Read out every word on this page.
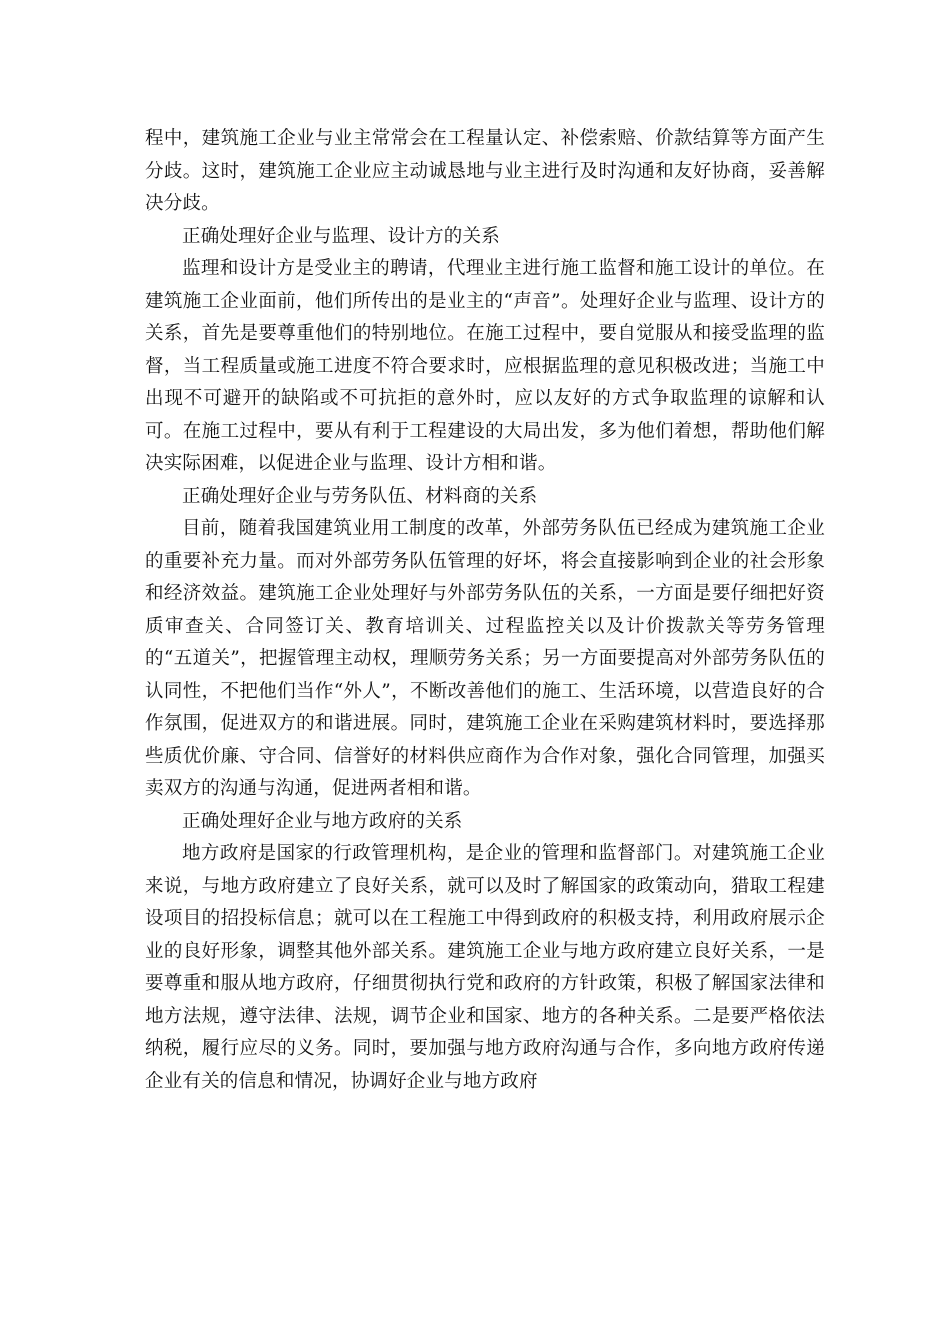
程中，建筑施工企业与业主常常会在工程量认定、补偿索赔、价款结算等方面产生分歧。这时，建筑施工企业应主动诚恳地与业主进行及时沟通和友好协商，妥善解决分歧。

正确处理好企业与监理、设计方的关系

监理和设计方是受业主的聘请，代理业主进行施工监督和施工设计的单位。在建筑施工企业面前，他们所传出的是业主的“声音”。处理好企业与监理、设计方的关系，首先是要尊重他们的特别地位。在施工过程中，要自觉服从和接受监理的监督，当工程质量或施工进度不符合要求时，应根据监理的意见积极改进；当施工中出现不可避开的缺陷或不可抗拒的意外时，应以友好的方式争取监理的谅解和认可。在施工过程中，要从有利于工程建设的大局出发，多为他们着想，帮助他们解决实际困难，以促进企业与监理、设计方相和谐。

正确处理好企业与劳务队伍、材料商的关系

目前，随着我国建筑业用工制度的改革，外部劳务队伍已经成为建筑施工企业的重要补充力量。而对外部劳务队伍管理的好坏，将会直接影响到企业的社会形象和经济效益。建筑施工企业处理好与外部劳务队伍的关系，一方面是要仔细把好资质审查关、合同签订关、教育培训关、过程监控关以及计价拨款关等劳务管理的“五道关”，把握管理主动权，理顺劳务关系；另一方面要提高对外部劳务队伍的认同性，不把他们当作“外人”，不断改善他们的施工、生活环境，以营造良好的合作氛围，促进双方的和谐进展。同时，建筑施工企业在采购建筑材料时，要选择那些质优价廉、守合同、信誉好的材料供应商作为合作对象，强化合同管理，加强买卖双方的沟通与沟通，促进两者相和谐。

正确处理好企业与地方政府的关系

地方政府是国家的行政管理机构，是企业的管理和监督部门。对建筑施工企业来说，与地方政府建立了良好关系，就可以及时了解国家的政策动向，猎取工程建设项目的招投标信息；就可以在工程施工中得到政府的积极支持，利用政府展示企业的良好形象，调整其他外部关系。建筑施工企业与地方政府建立良好关系，一是要尊重和服从地方政府，仔细贯彻执行党和政府的方针政策，积极了解国家法律和地方法规，遵守法律、法规，调节企业和国家、地方的各种关系。二是要严格依法纳税，履行应尽的义务。同时，要加强与地方政府沟通与合作，多向地方政府传递企业有关的信息和情况，协调好企业与地方政府
